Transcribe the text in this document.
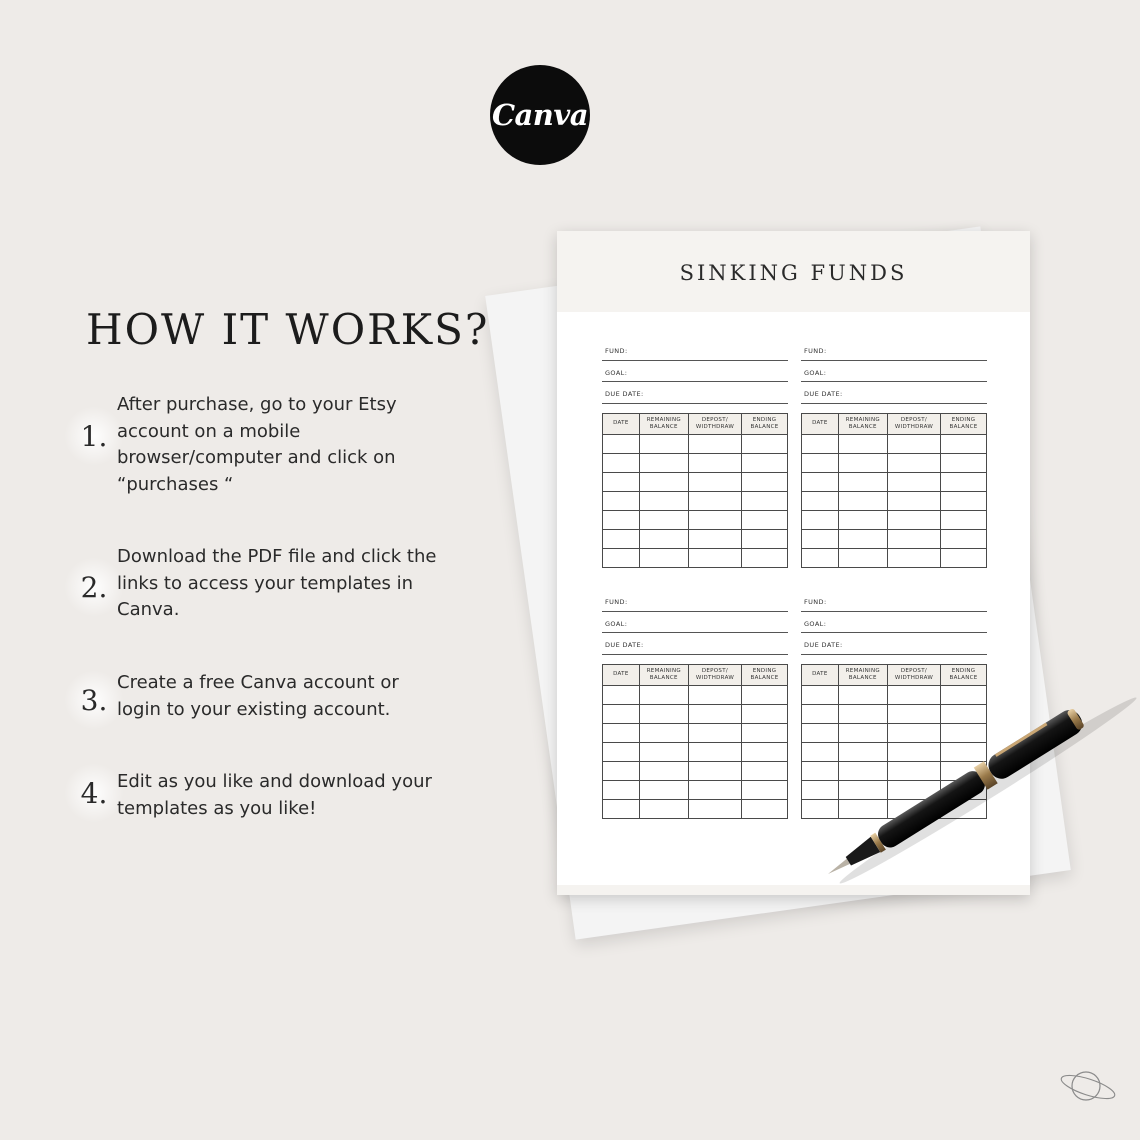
Canva
HOW IT WORKS?
1.
After purchase, go to your Etsy account on a mobile browser/computer and click on “purchases “
2.
Download the PDF file and click the links to access your templates in Canva.
3.
Create a free Canva account or login to your existing account.
4. Edit as you like and download your templates as you like!
SINKING FUNDS
FUND:
GOAL:
DUE DATE:
DATE	REMAINING BALANCE	DEPOST/ WIDTHDRAW	ENDING BALANCE

FUND:
GOAL:
DUE DATE:
DATE	REMAINING BALANCE	DEPOST/ WIDTHDRAW	ENDING BALANCE

FUND:
GOAL:
DUE DATE:
DATE	REMAINING BALANCE	DEPOST/ WIDTHDRAW	ENDING BALANCE

FUND:
GOAL:
DUE DATE:
DATE	REMAINING BALANCE	DEPOST/ WIDTHDRAW	ENDING BALANCE
